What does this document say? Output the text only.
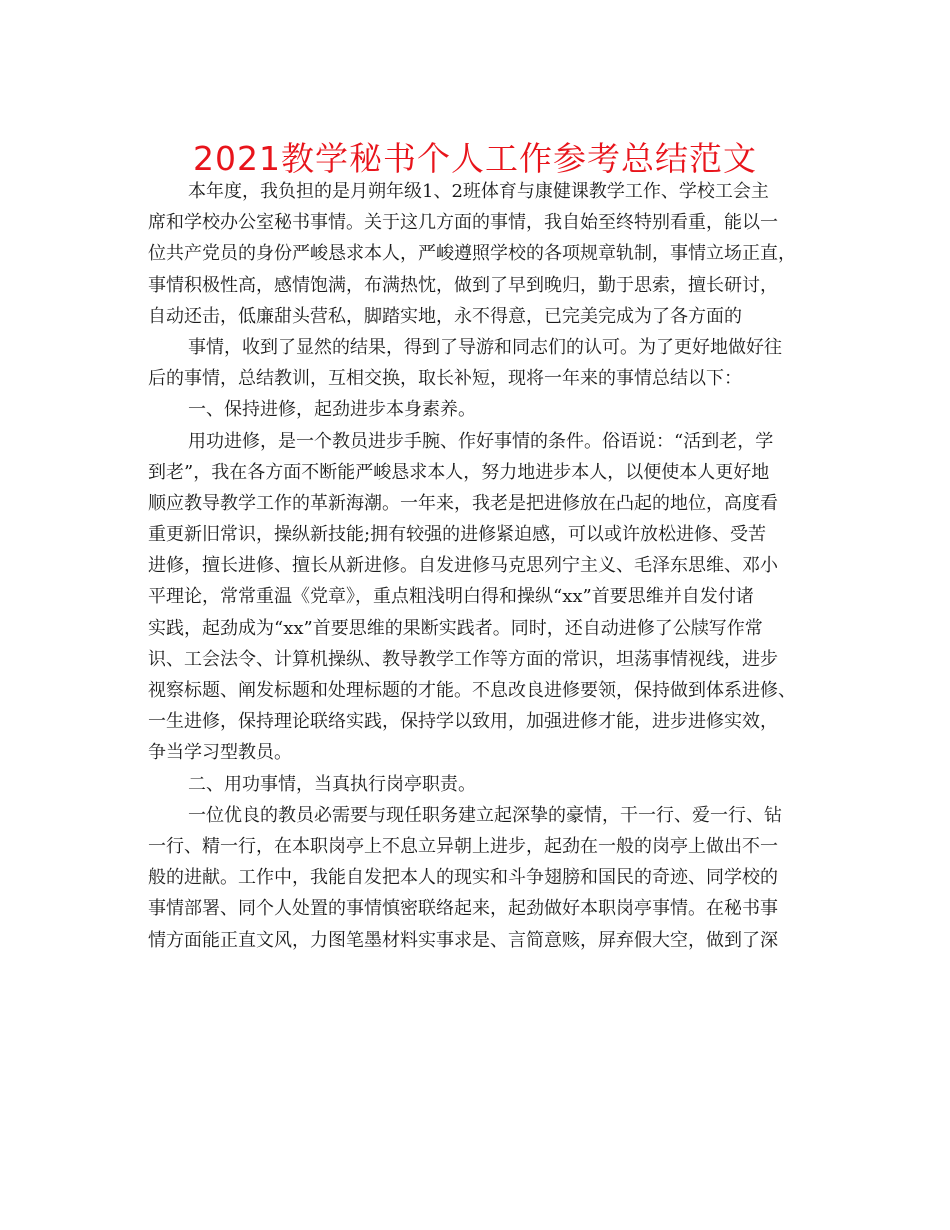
2021教学秘书个人工作参考总结范文
本年度，我负担的是月朔年级1、2班体育与康健课教学工作、学校工会主
席和学校办公室秘书事情。关于这几方面的事情，我自始至终特别看重，能以一
位共产党员的身份严峻恳求本人，严峻遵照学校的各项规章轨制，事情立场正直，
事情积极性高，感情饱满，布满热忱，做到了早到晚归，勤于思索，擅长研讨，
自动还击，低廉甜头营私，脚踏实地，永不得意，已完美完成为了各方面的
事情，收到了显然的结果，得到了导游和同志们的认可。为了更好地做好往
后的事情，总结教训，互相交换，取长补短，现将一年来的事情总结以下：
一、保持进修，起劲进步本身素养。
用功进修，是一个教员进步手腕、作好事情的条件。俗语说：“活到老，学
到老”，我在各方面不断能严峻恳求本人，努力地进步本人，以便使本人更好地
顺应教导教学工作的革新海潮。一年来，我老是把进修放在凸起的地位，高度看
重更新旧常识，操纵新技能;拥有较强的进修紧迫感，可以或许放松进修、受苦
进修，擅长进修、擅长从新进修。自发进修马克思列宁主义、毛泽东思维、邓小
平理论，常常重温《党章》，重点粗浅明白得和操纵“xx”首要思维并自发付诸
实践，起劲成为“xx”首要思维的果断实践者。同时，还自动进修了公牍写作常
识、工会法令、计算机操纵、教导教学工作等方面的常识，坦荡事情视线，进步
视察标题、阐发标题和处理标题的才能。不息改良进修要领，保持做到体系进修、
一生进修，保持理论联络实践，保持学以致用，加强进修才能，进步进修实效，
争当学习型教员。
二、用功事情，当真执行岗亭职责。
一位优良的教员必需要与现任职务建立起深挚的豪情，干一行、爱一行、钻
一行、精一行，在本职岗亭上不息立异朝上进步，起劲在一般的岗亭上做出不一
般的进献。工作中，我能自发把本人的现实和斗争翅膀和国民的奇迹、同学校的
事情部署、同个人处置的事情慎密联络起来，起劲做好本职岗亭事情。在秘书事
情方面能正直文风，力图笔墨材料实事求是、言简意赅，屏弃假大空，做到了深
